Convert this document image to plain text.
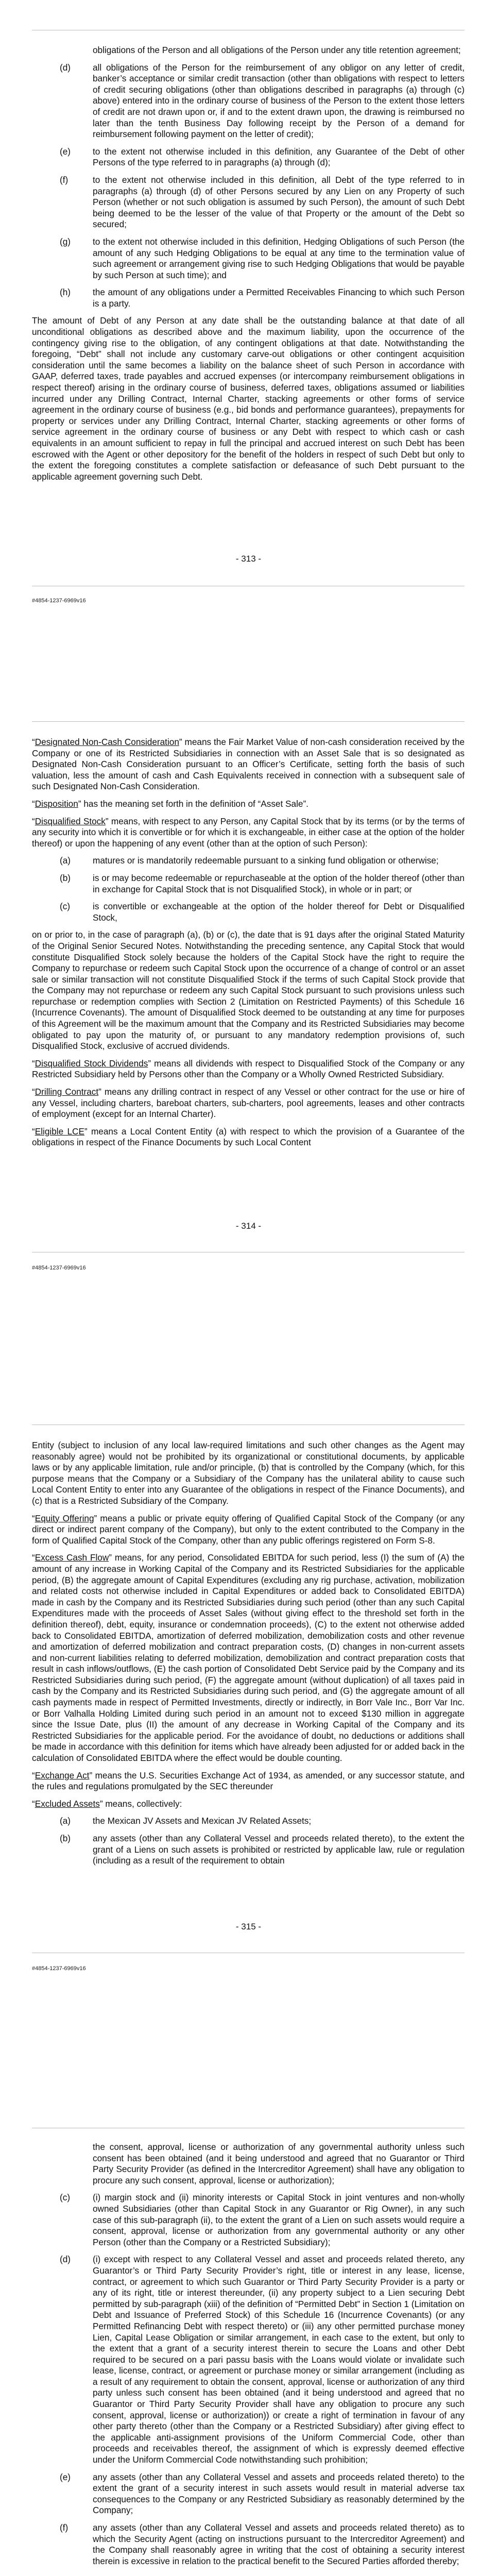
obligations of the Person and all obligations of the Person under any title retention agreement;
(d) all obligations of the Person for the reimbursement of any obligor on any letter of credit, banker’s acceptance or similar credit transaction (other than obligations with respect to letters of credit securing obligations (other than obligations described in paragraphs (a) through (c) above) entered into in the ordinary course of business of the Person to the extent those letters of credit are not drawn upon or, if and to the extent drawn upon, the drawing is reimbursed no later than the tenth Business Day following receipt by the Person of a demand for reimbursement following payment on the letter of credit);
(e) to the extent not otherwise included in this definition, any Guarantee of the Debt of other Persons of the type referred to in paragraphs (a) through (d);
(f)	to the extent not otherwise included in this definition, all Debt of the type referred to in paragraphs (a) through (d) of other Persons secured by any Lien on any Property of such Person (whether or not such obligation is assumed by such Person), the amount of such Debt being deemed to be the lesser of the value of that Property or the amount of the Debt so secured;
(g) to the extent not otherwise included in this definition, Hedging Obligations of such Person (the amount of any such Hedging Obligations to be equal at any time to the termination value of such agreement or arrangement giving rise to such Hedging Obligations that would be payable by such Person at such time); and
(h) the amount of any obligations under a Permitted Receivables Financing to which such Person is a party.

The amount of Debt of any Person at any date shall be the outstanding balance at that date of all unconditional obligations as described above and the maximum liability, upon the occurrence of the contingency giving rise to the obligation, of any contingent obligations at that date. Notwithstanding the foregoing, “Debt” shall not include any customary carve-out obligations or other contingent acquisition consideration until the same becomes a liability on the balance sheet of such Person in accordance with GAAP, deferred taxes, trade payables and accrued expenses (or intercompany reimbursement obligations in respect thereof) arising in the ordinary course of business, deferred taxes, obligations assumed or liabilities incurred under any Drilling Contract, Internal Charter, stacking agreements or other forms of service agreement in the ordinary course of business (e.g., bid bonds and performance guarantees), prepayments for property or services under any Drilling Contract, Internal Charter, stacking agreements or other forms of service agreement in the ordinary course of business or any Debt with respect to which cash or cash equivalents in an amount sufficient to repay in full the principal and accrued interest on such Debt has been escrowed with the Agent or other depository for the benefit of the holders in respect of such Debt but only to the extent the foregoing constitutes a complete satisfaction or defeasance of such Debt pursuant to the applicable agreement governing such Debt.

- 313 -
#4854-1237-6969v16

“Designated Non-Cash Consideration” means the Fair Market Value of non-cash consideration received by the Company or one of its Restricted Subsidiaries in connection with an Asset Sale that is so designated as Designated Non-Cash Consideration pursuant to an Officer’s Certificate, setting forth the basis of such valuation, less the amount of cash and Cash Equivalents received in connection with a subsequent sale of such Designated Non-Cash Consideration.

“Disposition” has the meaning set forth in the definition of “Asset Sale”.

“Disqualified Stock” means, with respect to any Person, any Capital Stock that by its terms (or by the terms of any security into which it is convertible or for which it is exchangeable, in either case at the option of the holder thereof) or upon the happening of any event (other than at the option of such Person):

(a) matures or is mandatorily redeemable pursuant to a sinking fund obligation or otherwise;
(b) is or may become redeemable or repurchaseable at the option of the holder thereof (other than in exchange for Capital Stock that is not Disqualified Stock), in whole or in part; or
(c)	is convertible or exchangeable at the option of the holder thereof for Debt or Disqualified Stock,

on or prior to, in the case of paragraph (a), (b) or (c), the date that is 91 days after the original Stated Maturity of the Original Senior Secured Notes. Notwithstanding the preceding sentence, any Capital Stock that would constitute Disqualified Stock solely because the holders of the Capital Stock have the right to require the Company to repurchase or redeem such Capital Stock upon the occurrence of a change of control or an asset sale or similar transaction will not constitute Disqualified Stock if the terms of such Capital Stock provide that the Company may not repurchase or redeem any such Capital Stock pursuant to such provisions unless such repurchase or redemption complies with Section 2 (Limitation on Restricted Payments) of this Schedule 16 (Incurrence Covenants). The amount of Disqualified Stock deemed to be outstanding at any time for purposes of this Agreement will be the maximum amount that the Company and its Restricted Subsidiaries may become obligated to pay upon the maturity of, or pursuant to any mandatory redemption provisions of, such Disqualified Stock, exclusive of accrued dividends.

“Disqualified Stock Dividends” means all dividends with respect to Disqualified Stock of the Company or any Restricted Subsidiary held by Persons other than the Company or a Wholly Owned Restricted Subsidiary.

“Drilling Contract” means any drilling contract in respect of any Vessel or other contract for the use or hire of any Vessel, including charters, bareboat charters, sub-charters, pool agreements, leases and other contracts of employment (except for an Internal Charter).

“Eligible LCE” means a Local Content Entity (a) with respect to which the provision of a Guarantee of the obligations in respect of the Finance Documents by such Local Content

- 314 -
#4854-1237-6969v16

Entity (subject to inclusion of any local law-required limitations and such other changes as the Agent may reasonably agree) would not be prohibited by its organizational or constitutional documents, by applicable laws or by any applicable limitation, rule and/or principle, (b) that is controlled by the Company (which, for this purpose means that the Company or a Subsidiary of the Company has the unilateral ability to cause such Local Content Entity to enter into any Guarantee of the obligations in respect of the Finance Documents), and (c) that is a Restricted Subsidiary of the Company.

“Equity Offering” means a public or private equity offering of Qualified Capital Stock of the Company (or any direct or indirect parent company of the Company), but only to the extent contributed to the Company in the form of Qualified Capital Stock of the Company, other than any public offerings registered on Form S-8.

“Excess Cash Flow” means, for any period, Consolidated EBITDA for such period, less (I) the sum of (A) the amount of any increase in Working Capital of the Company and its Restricted Subsidiaries for the applicable period, (B) the aggregate amount of Capital Expenditures (excluding any rig purchase, activation, mobilization and related costs not otherwise included in Capital Expenditures or added back to Consolidated EBITDA) made in cash by the Company and its Restricted Subsidiaries during such period (other than any such Capital Expenditures made with the proceeds of Asset Sales (without giving effect to the threshold set forth in the definition thereof), debt, equity, insurance or condemnation proceeds), (C) to the extent not otherwise added back to Consolidated EBITDA, amortization of deferred mobilization, demobilization costs and other revenue and amortization of deferred mobilization and contract preparation costs, (D) changes in non-current assets and non-current liabilities relating to deferred mobilization, demobilization and contract preparation costs that result in cash inflows/outflows, (E) the cash portion of Consolidated Debt Service paid by the Company and its Restricted Subsidiaries during such period, (F) the aggregate amount (without duplication) of all taxes paid in cash by the Company and its Restricted Subsidiaries during such period, and (G) the aggregate amount of all cash payments made in respect of Permitted Investments, directly or indirectly, in Borr Vale Inc., Borr Var Inc. or Borr Valhalla Holding Limited during such period in an amount not to exceed $130 million in aggregate since the Issue Date, plus (II) the amount of any decrease in Working Capital of the Company and its Restricted Subsidiaries for the applicable period. For the avoidance of doubt, no deductions or additions shall be made in accordance with this definition for items which have already been adjusted for or added back in the calculation of Consolidated EBITDA where the effect would be double counting.

“Exchange Act” means the U.S. Securities Exchange Act of 1934, as amended, or any successor statute, and the rules and regulations promulgated by the SEC thereunder

“Excluded Assets” means, collectively:

(a) the Mexican JV Assets and Mexican JV Related Assets;
(b) any assets (other than any Collateral Vessel and proceeds related thereto), to the extent the grant of a Liens on such assets is prohibited or restricted by applicable law, rule or regulation (including as a result of the requirement to obtain
- 315 -
#4854-1237-6969v16
the consent, approval, license or authorization of any governmental authority unless such consent has been obtained (and it being understood and agreed that no Guarantor or Third Party Security Provider (as defined in the Intercreditor Agreement) shall have any obligation to procure any such consent, approval, license or authorization);
(c)	(i) margin stock and (ii) minority interests or Capital Stock in joint ventures and non-wholly owned Subsidiaries (other than Capital Stock in any Guarantor or Rig Owner), in any such case of this sub-paragraph (ii), to the extent the grant of a Lien on such assets would require a consent, approval, license or authorization from any governmental authority or any other Person (other than the Company or a Restricted Subsidiary);
(d) (i) except with respect to any Collateral Vessel and asset and proceeds related thereto, any Guarantor’s or Third Party Security Provider’s right, title or interest in any lease, license, contract, or agreement to which such Guarantor or Third Party Security Provider is a party or any of its right, title or interest thereunder, (ii) any property subject to a Lien securing Debt permitted by sub-paragraph (xiii) of the definition of “Permitted Debt” in Section 1 (Limitation on Debt and Issuance of Preferred Stock) of this Schedule 16 (Incurrence Covenants) (or any Permitted Refinancing Debt with respect thereto) or (iii) any other permitted purchase money Lien, Capital Lease Obligation or similar arrangement, in each case to the extent, but only to the extent that a grant of a security interest therein to secure the Loans and other Debt required to be secured on a pari passu basis with the Loans would violate or invalidate such lease, license, contract, or agreement or purchase money or similar arrangement (including as a result of any requirement to obtain the consent, approval, license or authorization of any third party unless such consent has been obtained (and it being understood and agreed that no Guarantor or Third Party Security Provider shall have any obligation to procure any such consent, approval, license or authorization)) or create a right of termination in favour of any other party thereto (other than the Company or a Restricted Subsidiary) after giving effect to the applicable anti-assignment provisions of the Uniform Commercial Code, other than proceeds and receivables thereof, the assignment of which is expressly deemed effective under the Uniform Commercial Code notwithstanding such prohibition;
(e) any assets (other than any Collateral Vessel and assets and proceeds related thereto) to the extent the grant of a security interest in such assets would result in material adverse tax consequences to the Company or any Restricted Subsidiary as reasonably determined by the Company;
(f)	any assets (other than any Collateral Vessel and assets and proceeds related thereto) as to which the Security Agent (acting on instructions pursuant to the Intercreditor Agreement) and the Company shall reasonably agree in writing that the cost of obtaining a security interest therein is excessive in relation to the practical benefit to the Secured Parties afforded thereby;
